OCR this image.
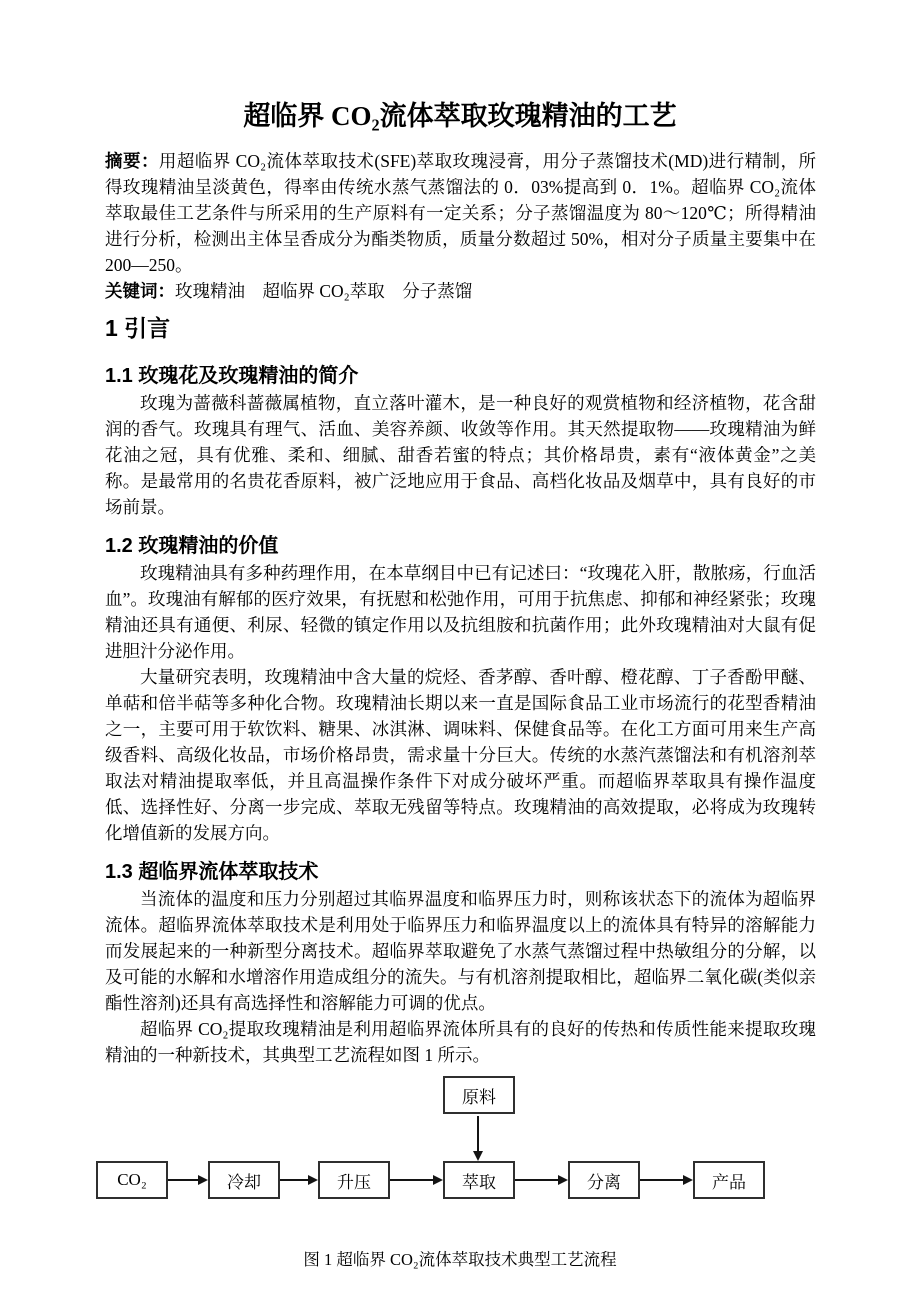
超临界 CO₂流体萃取玫瑰精油的工艺

摘要：用超临界 CO₂流体萃取技术(SFE)萃取玫瑰浸膏，用分子蒸馏技术(MD)进行精制，所得玫瑰精油呈淡黄色，得率由传统水蒸气蒸馏法的 0．03%提高到 0．1%。超临界 CO₂流体萃取最佳工艺条件与所采用的生产原料有一定关系；分子蒸馏温度为 80～120℃；所得精油进行分析，检测出主体呈香成分为酯类物质，质量分数超过 50%，相对分子质量主要集中在 200—250。

关键词：玫瑰精油　超临界 CO₂萃取　分子蒸馏

1 引言
1.1 玫瑰花及玫瑰精油的简介

玫瑰为蔷薇科蔷薇属植物，直立落叶灌木，是一种良好的观赏植物和经济植物，花含甜润的香气。玫瑰具有理气、活血、美容养颜、收敛等作用。其天然提取物——玫瑰精油为鲜花油之冠，具有优雅、柔和、细腻、甜香若蜜的特点；其价格昂贵，素有“液体黄金”之美称。是最常用的名贵花香原料，被广泛地应用于食品、高档化妆品及烟草中，具有良好的市场前景。

1.2 玫瑰精油的价值

玫瑰精油具有多种药理作用，在本草纲目中已有记述曰：“玫瑰花入肝，散脓疡，行血活血”。玫瑰油有解郁的医疗效果，有抚慰和松弛作用，可用于抗焦虑、抑郁和神经紧张；玫瑰精油还具有通便、利尿、轻微的镇定作用以及抗组胺和抗菌作用；此外玫瑰精油对大鼠有促进胆汁分泌作用。

大量研究表明，玫瑰精油中含大量的烷烃、香茅醇、香叶醇、橙花醇、丁子香酚甲醚、单萜和倍半萜等多种化合物。玫瑰精油长期以来一直是国际食品工业市场流行的花型香精油之一，主要可用于软饮料、糖果、冰淇淋、调味料、保健食品等。在化工方面可用来生产高级香料、高级化妆品，市场价格昂贵，需求量十分巨大。传统的水蒸汽蒸馏法和有机溶剂萃取法对精油提取率低，并且高温操作条件下对成分破坏严重。而超临界萃取具有操作温度低、选择性好、分离一步完成、萃取无残留等特点。玫瑰精油的高效提取，必将成为玫瑰转化增值新的发展方向。

1.3 超临界流体萃取技术

当流体的温度和压力分别超过其临界温度和临界压力时，则称该状态下的流体为超临界流体。超临界流体萃取技术是利用处于临界压力和临界温度以上的流体具有特异的溶解能力而发展起来的一种新型分离技术。超临界萃取避免了水蒸气蒸馏过程中热敏组分的分解，以及可能的水解和水增溶作用造成组分的流失。与有机溶剂提取相比，超临界二氧化碳(类似亲酯性溶剂)还具有高选择性和溶解能力可调的优点。

超临界 CO₂提取玫瑰精油是利用超临界流体所具有的良好的传热和传质性能来提取玫瑰精油的一种新技术，其典型工艺流程如图 1 所示。

原料
CO₂	冷却	升压	萃取	分离	产品

图 1 超临界 CO₂流体萃取技术典型工艺流程
